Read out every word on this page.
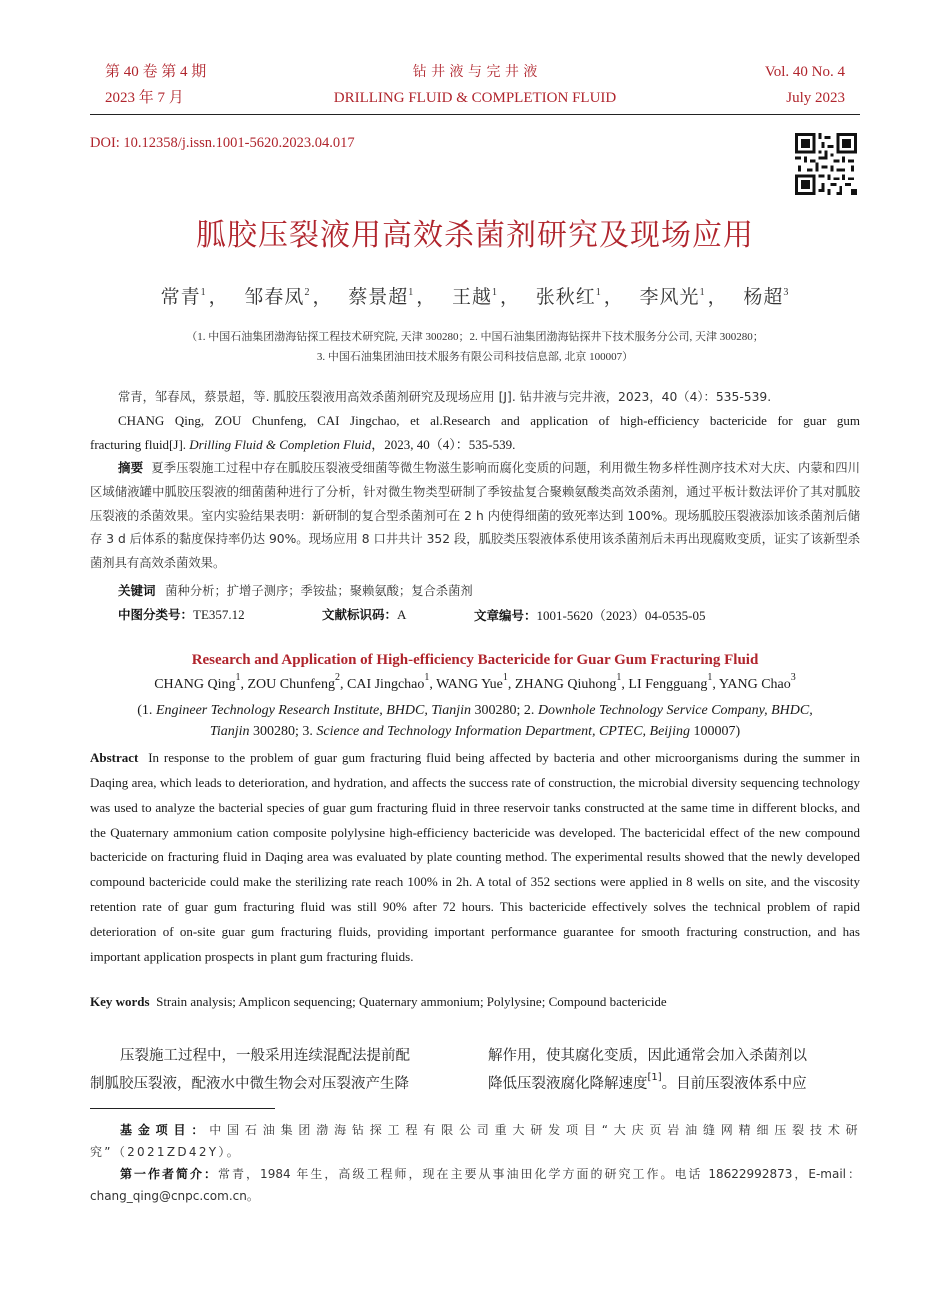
第 40 卷 第 4 期
2023 年 7 月
钻 井 液 与 完 井 液
DRILLING FLUID & COMPLETION FLUID
Vol. 40 No. 4
July 2023
DOI: 10.12358/j.issn.1001-5620.2023.04.017
胍胶压裂液用高效杀菌剂研究及现场应用
常青$^1$ ， 邹春凤$^2$ ， 蔡景超$^1$ ， 王越$^1$ ， 张秋红$^1$ ， 李风光$^1$ ， 杨超$^3$
（1. 中国石油集团渤海钻探工程技术研究院, 天津 300280；2. 中国石油集团渤海钻探井下技术服务分公司, 天津 300280；
3. 中国石油集团油田技术服务有限公司科技信息部, 北京 100007）
常青，邹春凤，蔡景超，等. 胍胶压裂液用高效杀菌剂研究及现场应用 [J]. 钻井液与完井液，2023，40（4）：535-539.
CHANG Qing, ZOU Chunfeng, CAI Jingchao, et al.Research and application of high-efficiency bactericide for guar gum
fracturing fluid[J]. Drilling Fluid & Completion Fluid，2023, 40（4）：535-539.
摘要 夏季压裂施工过程中存在胍胶压裂液受细菌等微生物滋生影响而腐化变质的问题，利用微生物多样性测序技术对大庆、内蒙和四川区域储液罐中胍胶压裂液的细菌菌种进行了分析，针对微生物类型研制了季铵盐复合聚赖氨酸类高效杀菌剂，通过平板计数法评价了其对胍胶压裂液的杀菌效果。室内实验结果表明：新研制的复合型杀菌剂可在 2 h 内使得细菌的致死率达到 100%。现场胍胶压裂液添加该杀菌剂后储存 3 d 后体系的黏度保持率仍达 90%。现场应用 8 口井共计 352 段，胍胶类压裂液体系使用该杀菌剂后未再出现腐败变质，证实了该新型杀菌剂具有高效杀菌效果。
关键词 菌种分析；扩增子测序；季铵盐；聚赖氨酸；复合杀菌剂
中图分类号：TE357.12	文献标识码：A	文章编号：1001-5620（2023）04-0535-05
Research and Application of High-efficiency Bactericide for Guar Gum Fracturing Fluid
CHANG Qing$^1$, ZOU Chunfeng$^2$, CAI Jingchao$^1$, WANG Yue$^1$, ZHANG Qiuhong$^1$, LI Fengguang$^1$, YANG Chao$^3$
(1. Engineer Technology Research Institute, BHDC, Tianjin 300280; 2. Downhole Technology Service Company, BHDC,
Tianjin 300280; 3. Science and Technology Information Department, CPTEC, Beijing 100007)
Abstract In response to the problem of guar gum fracturing fluid being affected by bacteria and other microorganisms during the summer in Daqing area, which leads to deterioration, and hydration, and affects the success rate of construction, the microbial diversity sequencing technology was used to analyze the bacterial species of guar gum fracturing fluid in three reservoir tanks constructed at the same time in different blocks, and the Quaternary ammonium cation composite polylysine high-efficiency bactericide was developed. The bactericidal effect of the new compound bactericide on fracturing fluid in Daqing area was evaluated by plate counting method. The experimental results showed that the newly developed compound bactericide could make the sterilizing rate reach 100% in 2h. A total of 352 sections were applied in 8 wells on site, and the viscosity retention rate of guar gum fracturing fluid was still 90% after 72 hours. This bactericide effectively solves the technical problem of rapid deterioration of on-site guar gum fracturing fluids, providing important performance guarantee for smooth fracturing construction, and has important application prospects in plant gum fracturing fluids.
Key words Strain analysis; Amplicon sequencing; Quaternary ammonium; Polylysine; Compound bactericide
压裂施工过程中，一般采用连续混配法提前配
制胍胶压裂液，配液水中微生物会对压裂液产生降
解作用，使其腐化变质，因此通常会加入杀菌剂以
降低压裂液腐化降解速度[1]。目前压裂液体系中应
基金项目：中国石油集团渤海钻探工程有限公司重大研发项目“大庆页岩油缝网精细压裂技术研究”（2021ZD42Y）。
第一作者简介：常青，1984 年生，高级工程师，现在主要从事油田化学方面的研究工作。电话 18622992873，E-mail：chang_qing@cnpc.com.cn。
